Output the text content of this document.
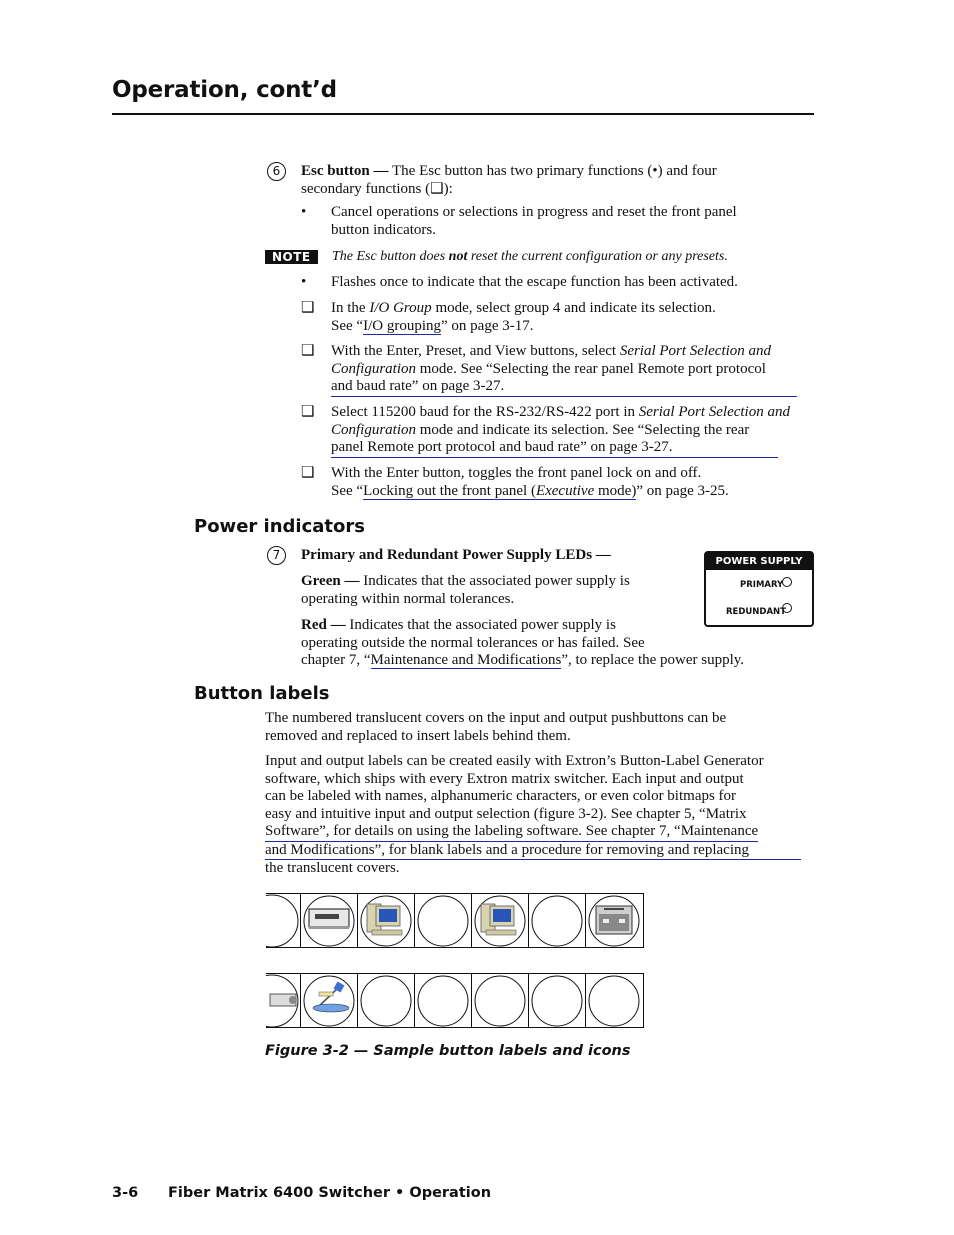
Operation, cont’d
6	Esc button — The Esc button has two primary functions (•) and four
secondary functions (❑):
• Cancel operations or selections in progress and reset the front panel
button indicators.
NOTE	The Esc button does not reset the current configuration or any presets.
• Flashes once to indicate that the escape function has been activated.
❑ In the I/O Group mode, select group 4 and indicate its selection.
See “I/O grouping” on page 3-17.
❑ With the Enter, Preset, and View buttons, select Serial Port Selection and
Configuration mode. See “Selecting the rear panel Remote port protocol
and baud rate” on page 3-27.
❑ Select 115200 baud for the RS-232/RS-422 port in Serial Port Selection and
Configuration mode and indicate its selection. See “Selecting the rear
panel Remote port protocol and baud rate” on page 3-27.
❑ With the Enter button, toggles the front panel lock on and off.
See “Locking out the front panel (Executive mode)” on page 3-25.
Power indicators
7	Primary and Redundant Power Supply LEDs —
Green — Indicates that the associated power supply is
operating within normal tolerances.
Red — Indicates that the associated power supply is
operating outside the normal tolerances or has failed. See
chapter 7, “Maintenance and Modifications”, to replace the power supply.
POWER SUPPLY
PRIMARY
REDUNDANT
Button labels
The numbered translucent covers on the input and output pushbuttons can be
removed and replaced to insert labels behind them.
Input and output labels can be created easily with Extron’s Button-Label Generator
software, which ships with every Extron matrix switcher. Each input and output
can be labeled with names, alphanumeric characters, or even color bitmaps for
easy and intuitive input and output selection (figure 3-2). See chapter 5, “Matrix
Software”, for details on using the labeling software. See chapter 7, “Maintenance
and Modifications”, for blank labels and a procedure for removing and replacing
the translucent covers.
Figure 3-2 — Sample button labels and icons
3-6 Fiber Matrix 6400 Switcher • Operation
